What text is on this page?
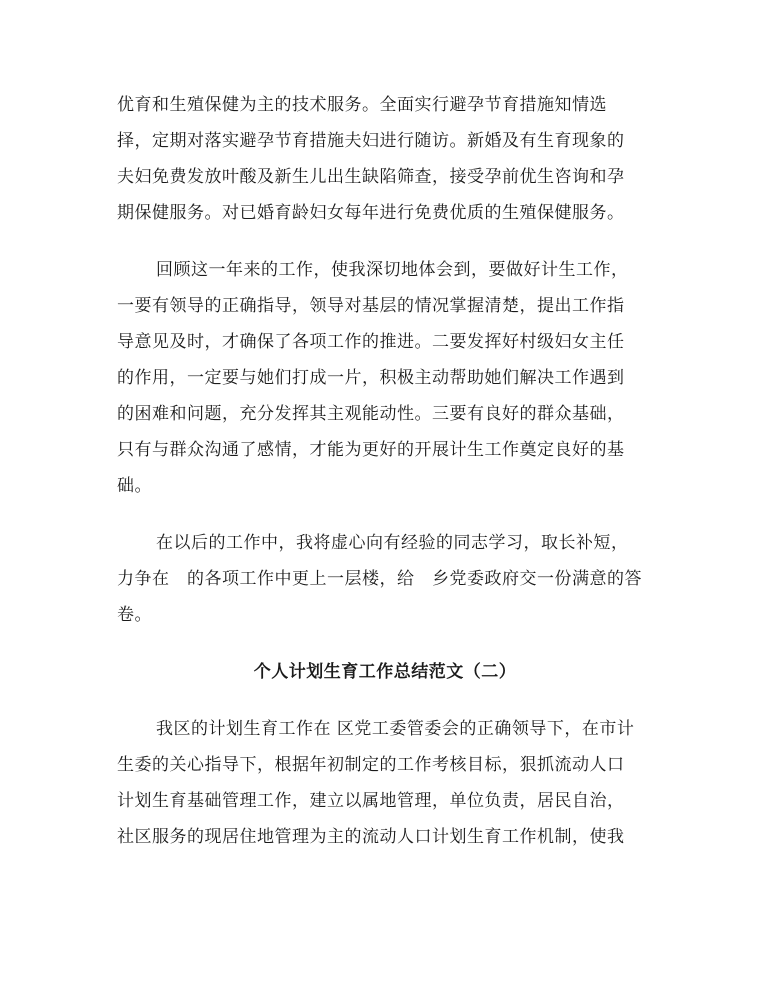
优育和生殖保健为主的技术服务。全面实行避孕节育措施知情选
择，定期对落实避孕节育措施夫妇进行随访。新婚及有生育现象的
夫妇免费发放叶酸及新生儿出生缺陷筛查，接受孕前优生咨询和孕
期保健服务。对已婚育龄妇女每年进行免费优质的生殖保健服务。
回顾这一年来的工作，使我深切地体会到，要做好计生工作，
一要有领导的正确指导，领导对基层的情况掌握清楚，提出工作指
导意见及时，才确保了各项工作的推进。二要发挥好村级妇女主任
的作用，一定要与她们打成一片，积极主动帮助她们解决工作遇到
的困难和问题，充分发挥其主观能动性。三要有良好的群众基础，
只有与群众沟通了感情，才能为更好的开展计生工作奠定良好的基
础。
在以后的工作中，我将虚心向有经验的同志学习，取长补短，
力争在　的各项工作中更上一层楼，给　乡党委政府交一份满意的答
卷。
个人计划生育工作总结范文（二）
我区的计划生育工作在 区党工委管委会的正确领导下，在市计
生委的关心指导下，根据年初制定的工作考核目标，狠抓流动人口
计划生育基础管理工作，建立以属地管理，单位负责，居民自治，
社区服务的现居住地管理为主的流动人口计划生育工作机制，使我
